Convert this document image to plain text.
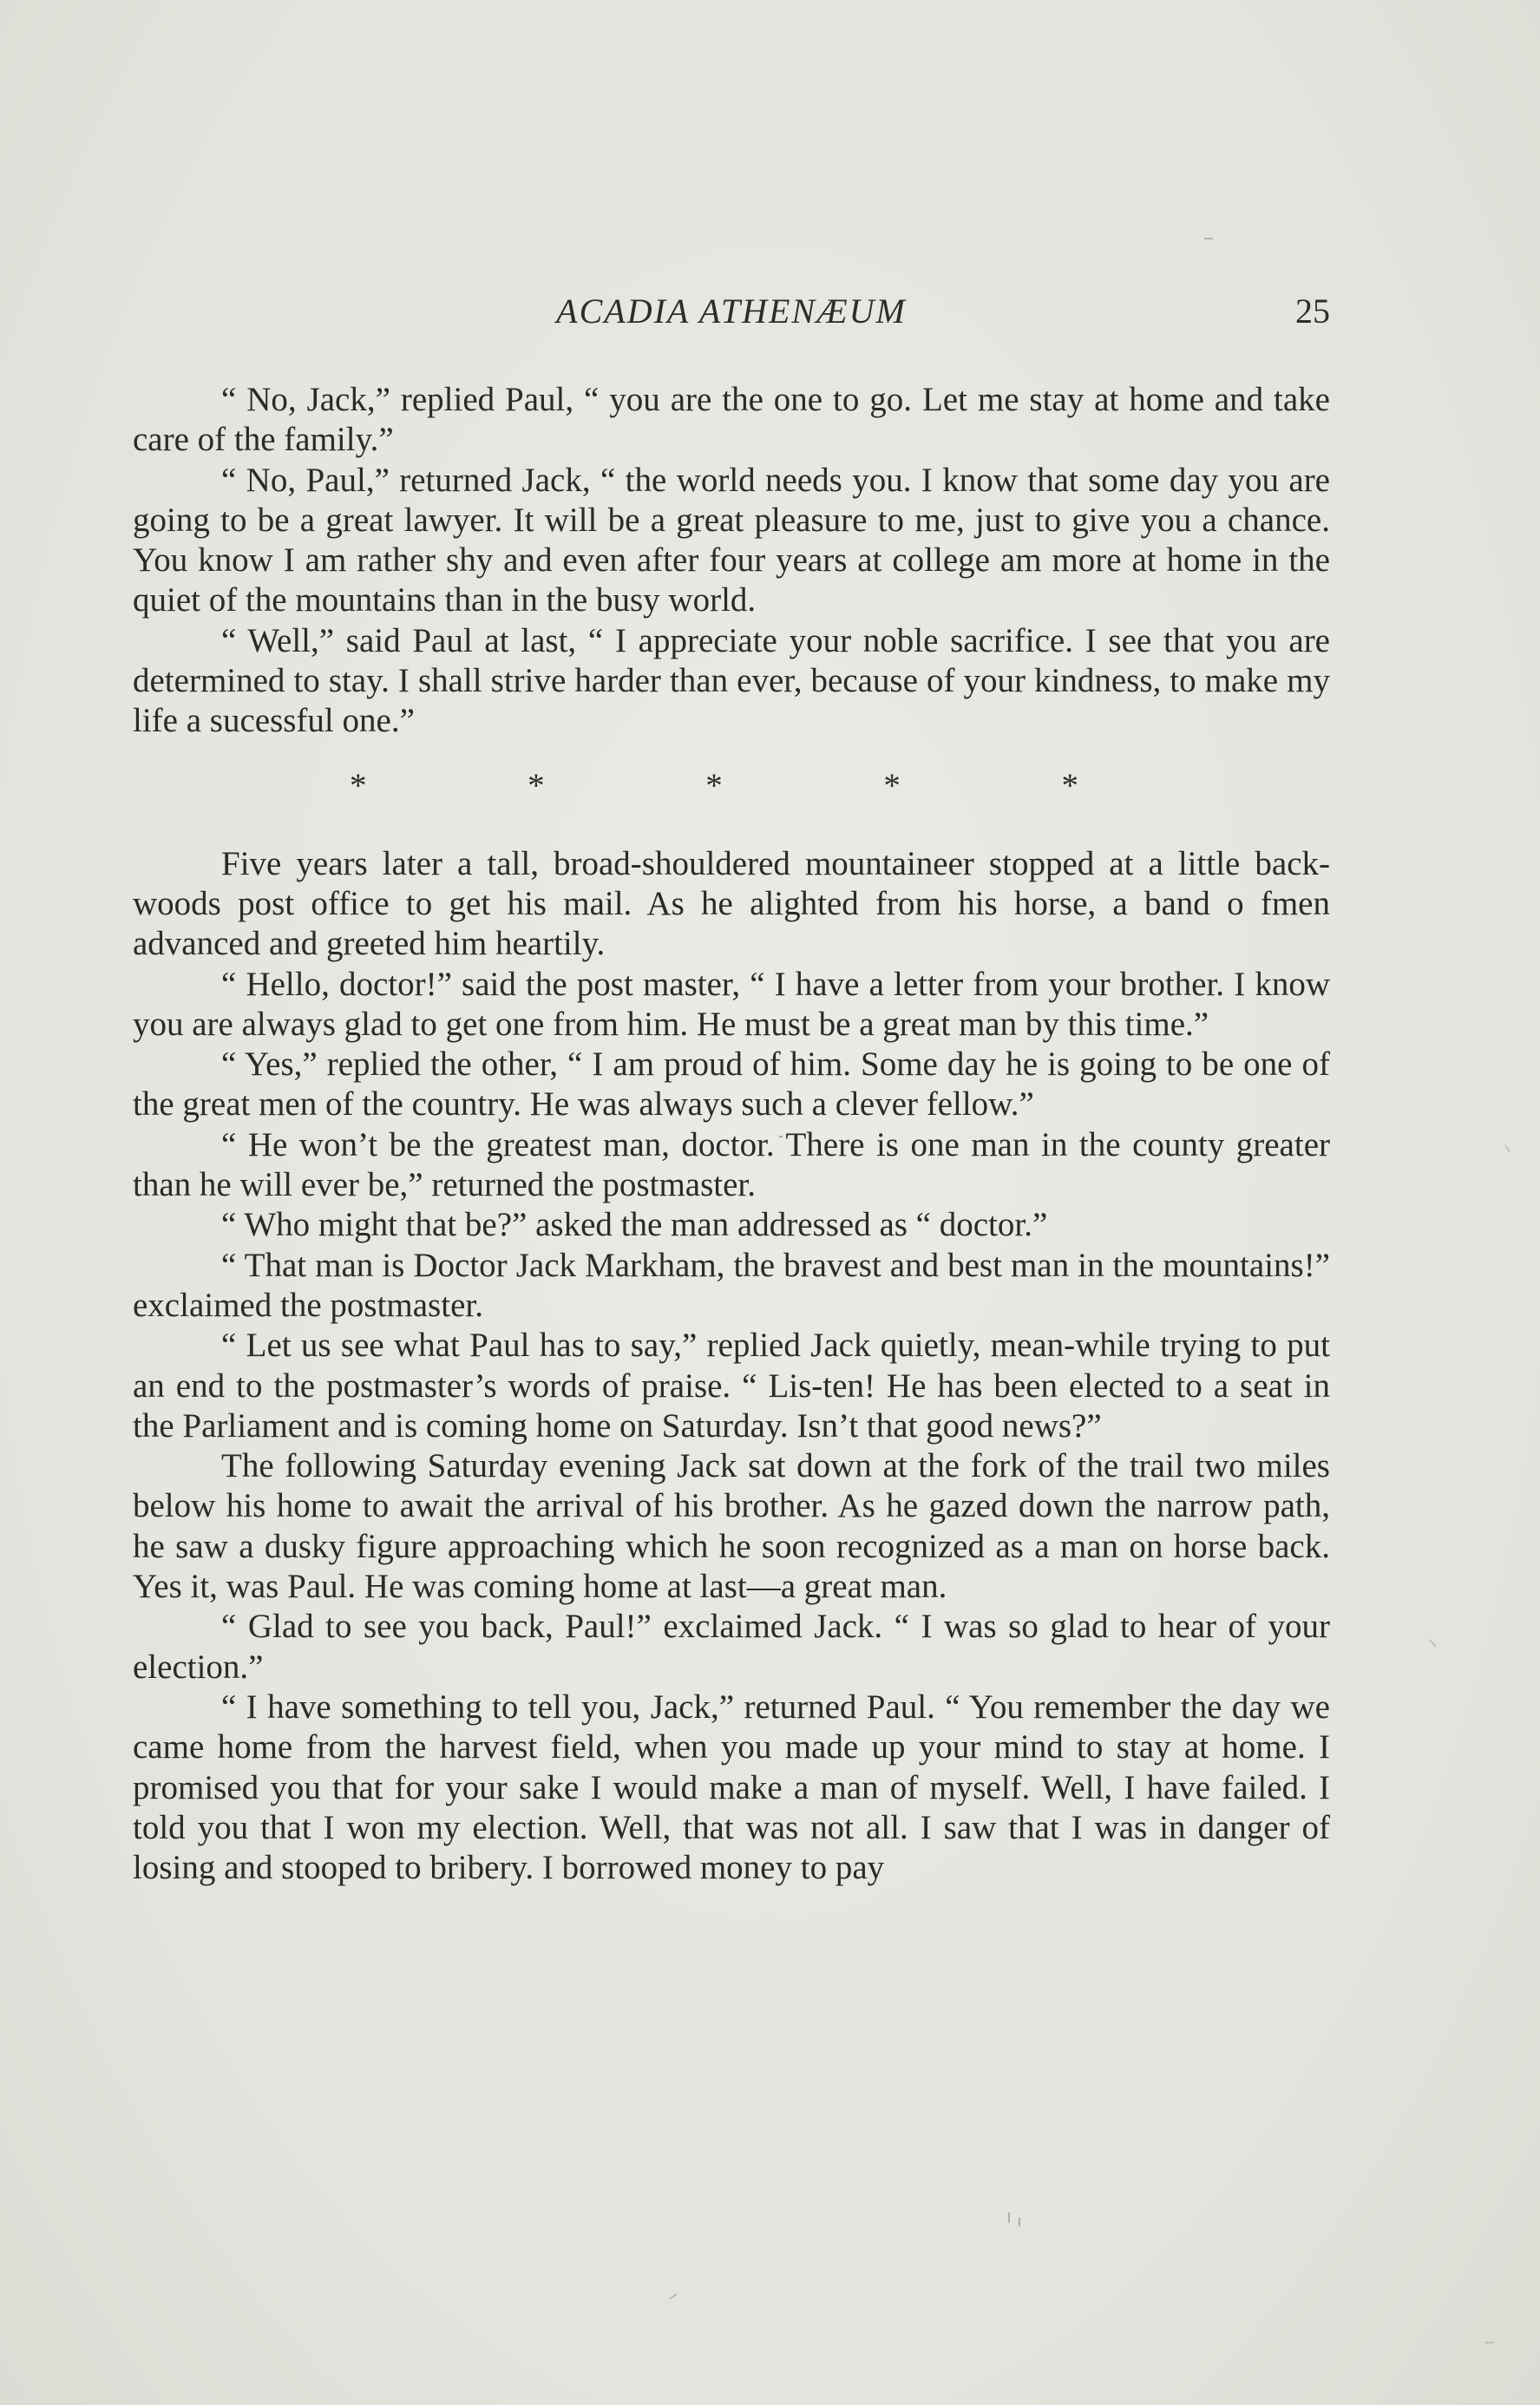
ACADIA ATHENÆUM	25

“ No, Jack,” replied Paul, “ you are the one to go. Let me stay at home and take care of the family.”

“ No, Paul,” returned Jack, “ the world needs you. I know that some day you are going to be a great lawyer. It will be a great pleasure to me, just to give you a chance. You know I am rather shy and even after four years at college am more at home in the quiet of the mountains than in the busy world.

“ Well,” said Paul at last, “ I appreciate your noble sacrifice. I see that you are determined to stay. I shall strive harder than ever, because of your kindness, to make my life a sucessful one.”

*	*	*	*	*

Five years later a tall, broad-shouldered mountaineer stopped at a little back-woods post office to get his mail. As he alighted from his horse, a band o fmen advanced and greeted him heartily.

“ Hello, doctor!” said the post master, “ I have a letter from your brother. I know you are always glad to get one from him. He must be a great man by this time.”

“ Yes,” replied the other, “ I am proud of him. Some day he is going to be one of the great men of the country. He was always such a clever fellow.”

“ He won’t be the greatest man, doctor. There is one man in the county greater than he will ever be,” returned the postmaster.

“ Who might that be?” asked the man addressed as “ doctor.”

“ That man is Doctor Jack Markham, the bravest and best man in the mountains!” exclaimed the postmaster.

“ Let us see what Paul has to say,” replied Jack quietly, mean-while trying to put an end to the postmaster’s words of praise. “ Lis-ten! He has been elected to a seat in the Parliament and is coming home on Saturday. Isn’t that good news?”

The following Saturday evening Jack sat down at the fork of the trail two miles below his home to await the arrival of his brother. As he gazed down the narrow path, he saw a dusky figure approaching which he soon recognized as a man on horse back. Yes it, was Paul. He was coming home at last—a great man.

“ Glad to see you back, Paul!” exclaimed Jack. “ I was so glad to hear of your election.”

“ I have something to tell you, Jack,” returned Paul. “ You remember the day we came home from the harvest field, when you made up your mind to stay at home. I promised you that for your sake I would make a man of myself. Well, I have failed. I told you that I won my election. Well, that was not all. I saw that I was in danger of losing and stooped to bribery. I borrowed money to pay
